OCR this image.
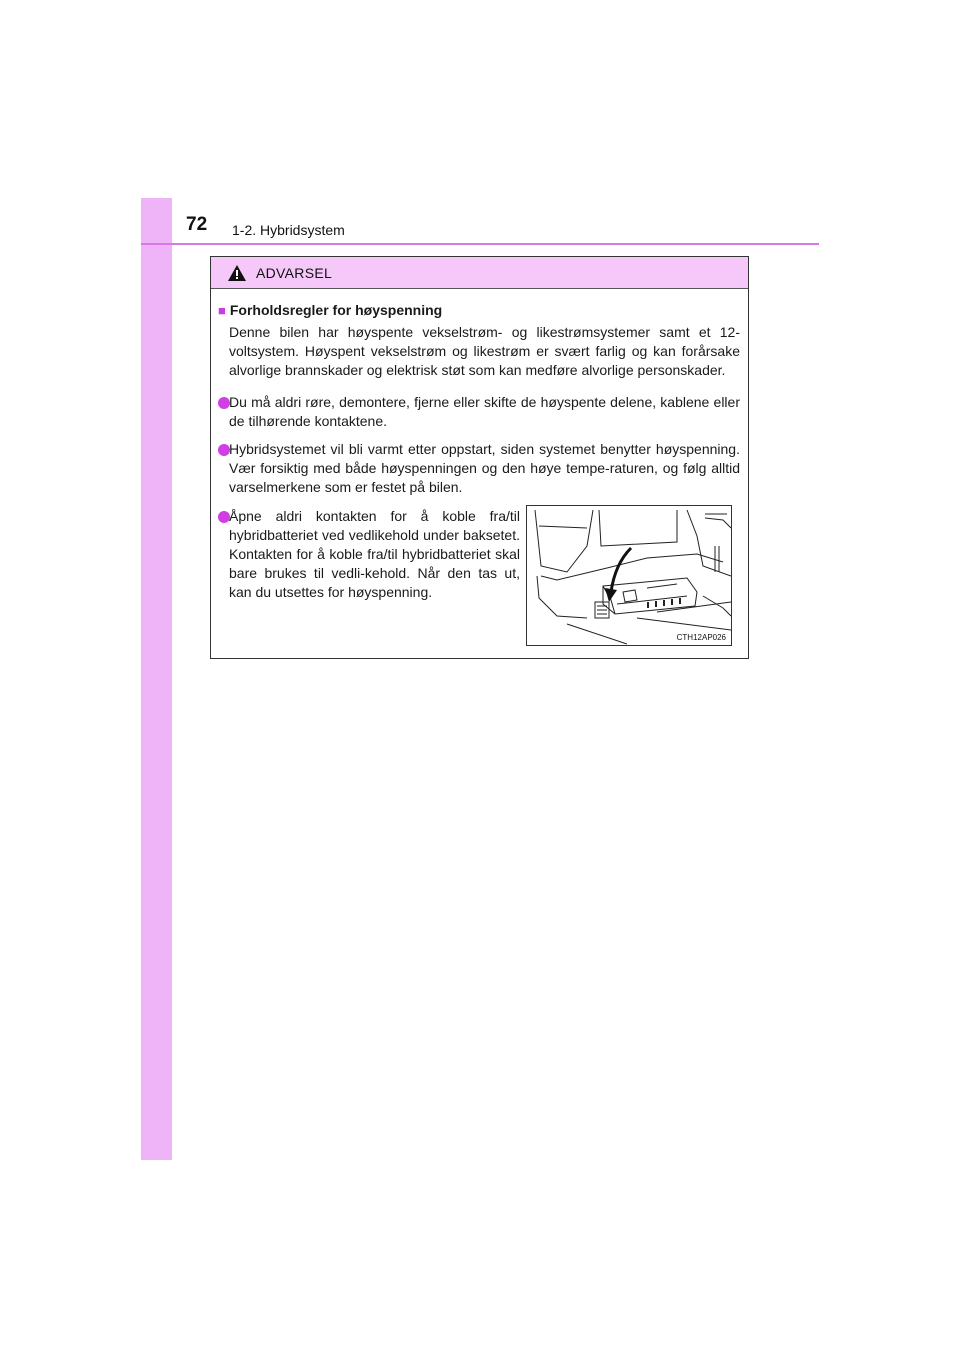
72 1-2. Hybridsystem
ADVARSEL
■ Forholdsregler for høyspenning
Denne bilen har høyspente vekselstrøm- og likestrømsystemer samt et 12-voltsystem. Høyspent vekselstrøm og likestrøm er svært farlig og kan forårsake alvorlige brannskader og elektrisk støt som kan medføre alvorlige personskader.
Du må aldri røre, demontere, fjerne eller skifte de høyspente delene, kablene eller de tilhørende kontaktene.
Hybridsystemet vil bli varmt etter oppstart, siden systemet benytter høyspenning. Vær forsiktig med både høyspenningen og den høye tempe-raturen, og følg alltid varselmerkene som er festet på bilen.
Åpne aldri kontakten for å koble fra/til hybridbatteriet ved vedlikehold under baksetet. Kontakten for å koble fra/til hybridbatteriet skal bare brukes til vedli-kehold. Når den tas ut, kan du utsettes for høyspenning.
CTH12AP026
